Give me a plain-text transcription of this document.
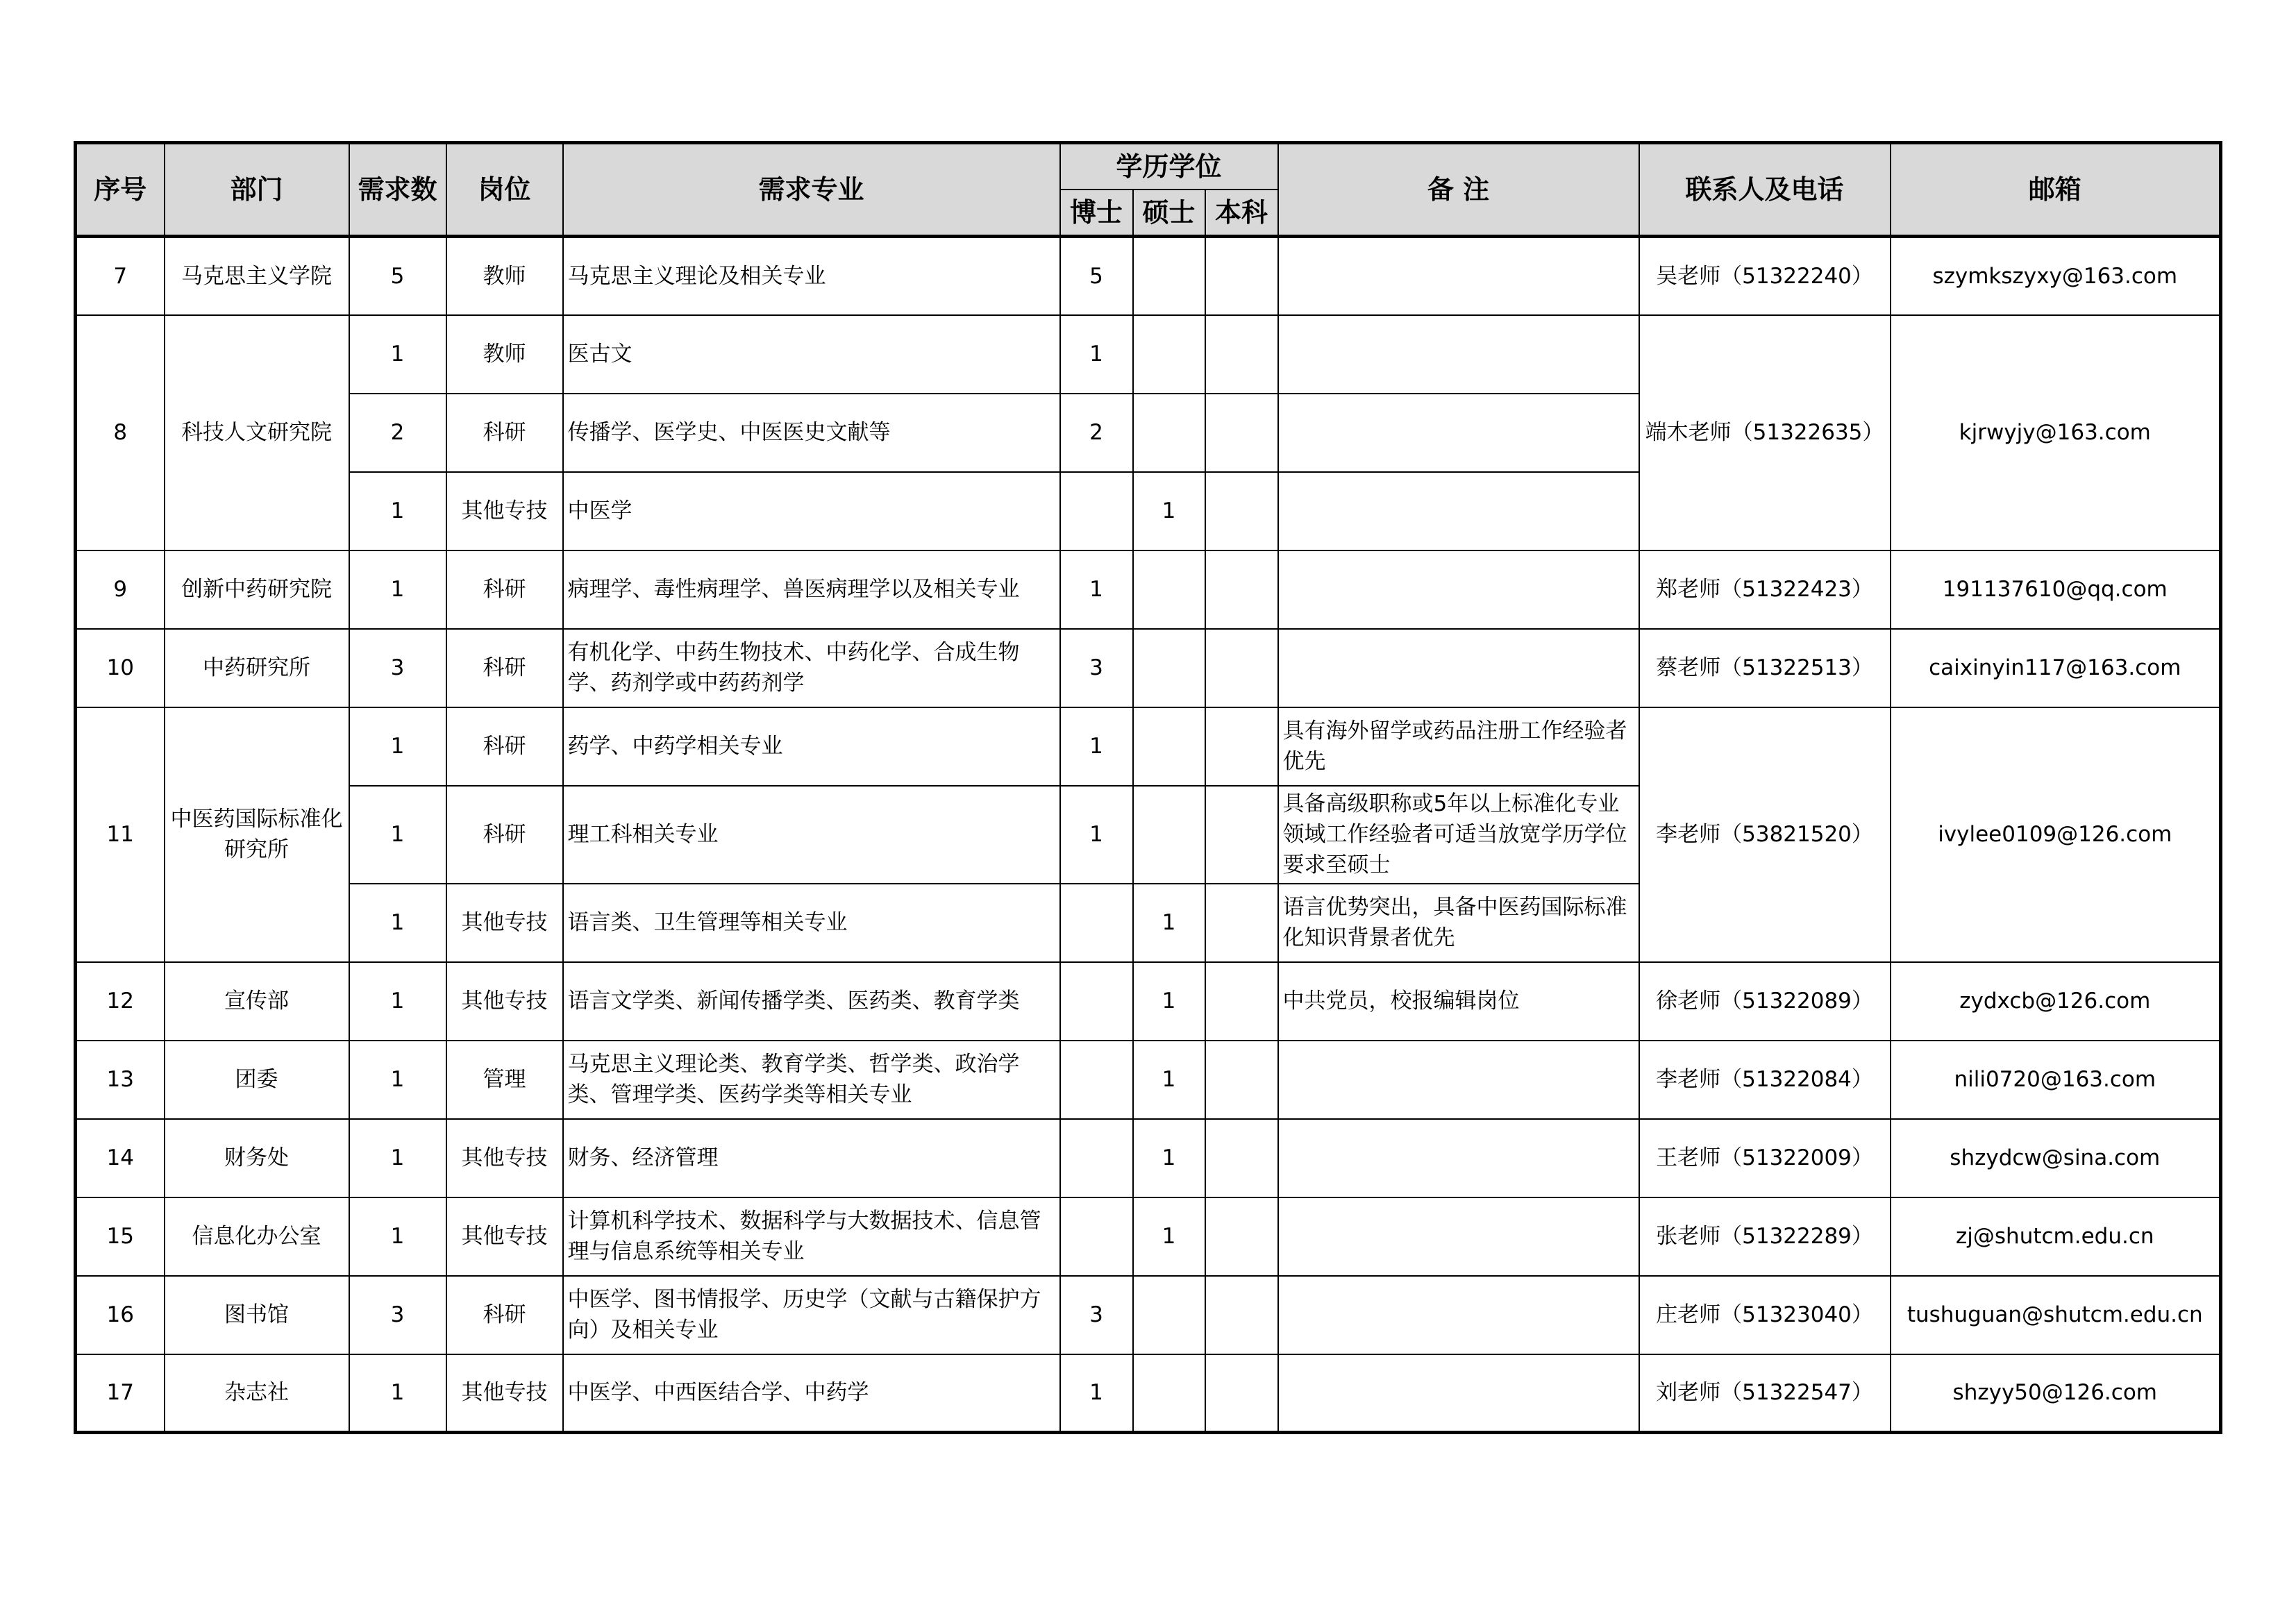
序号	部门	需求数	岗位	需求专业	学历学位			备 注	联系人及电话	邮箱
					博士	硕士	本科			
7	马克思主义学院	5	教师	马克思主义理论及相关专业	5				吴老师（51322240）	szymkszyxy@163.com
8	科技人文研究院	1	教师	医古文	1				端木老师（51322635）	kjrwyjy@163.com
		2	科研	传播学、医学史、中医医史文献等	2					
		1	其他专技	中医学		1				
9	创新中药研究院	1	科研	病理学、毒性病理学、兽医病理学以及相关专业	1				郑老师（51322423）	191137610@qq.com
10	中药研究所	3	科研	有机化学、中药生物技术、中药化学、合成生物学、药剂学或中药药剂学	3				蔡老师（51322513）	caixinyin117@163.com
11	中医药国际标准化研究所	1	科研	药学、中药学相关专业	1			具有海外留学或药品注册工作经验者优先	李老师（53821520）	ivylee0109@126.com
		1	科研	理工科相关专业	1			具备高级职称或5年以上标准化专业领域工作经验者可适当放宽学历学位要求至硕士		
		1	其他专技	语言类、卫生管理等相关专业		1		语言优势突出，具备中医药国际标准化知识背景者优先		
12	宣传部	1	其他专技	语言文学类、新闻传播学类、医药类、教育学类		1		中共党员，校报编辑岗位	徐老师（51322089）	zydxcb@126.com
13	团委	1	管理	马克思主义理论类、教育学类、哲学类、政治学类、管理学类、医药学类等相关专业		1			李老师（51322084）	nili0720@163.com
14	财务处	1	其他专技	财务、经济管理		1			王老师（51322009）	shzydcw@sina.com
15	信息化办公室	1	其他专技	计算机科学技术、数据科学与大数据技术、信息管理与信息系统等相关专业		1			张老师（51322289）	zj@shutcm.edu.cn
16	图书馆	3	科研	中医学、图书情报学、历史学（文献与古籍保护方向）及相关专业	3				庄老师（51323040）	tushuguan@shutcm.edu.cn
17	杂志社	1	其他专技	中医学、中西医结合学、中药学	1				刘老师（51322547）	shzyy50@126.com
